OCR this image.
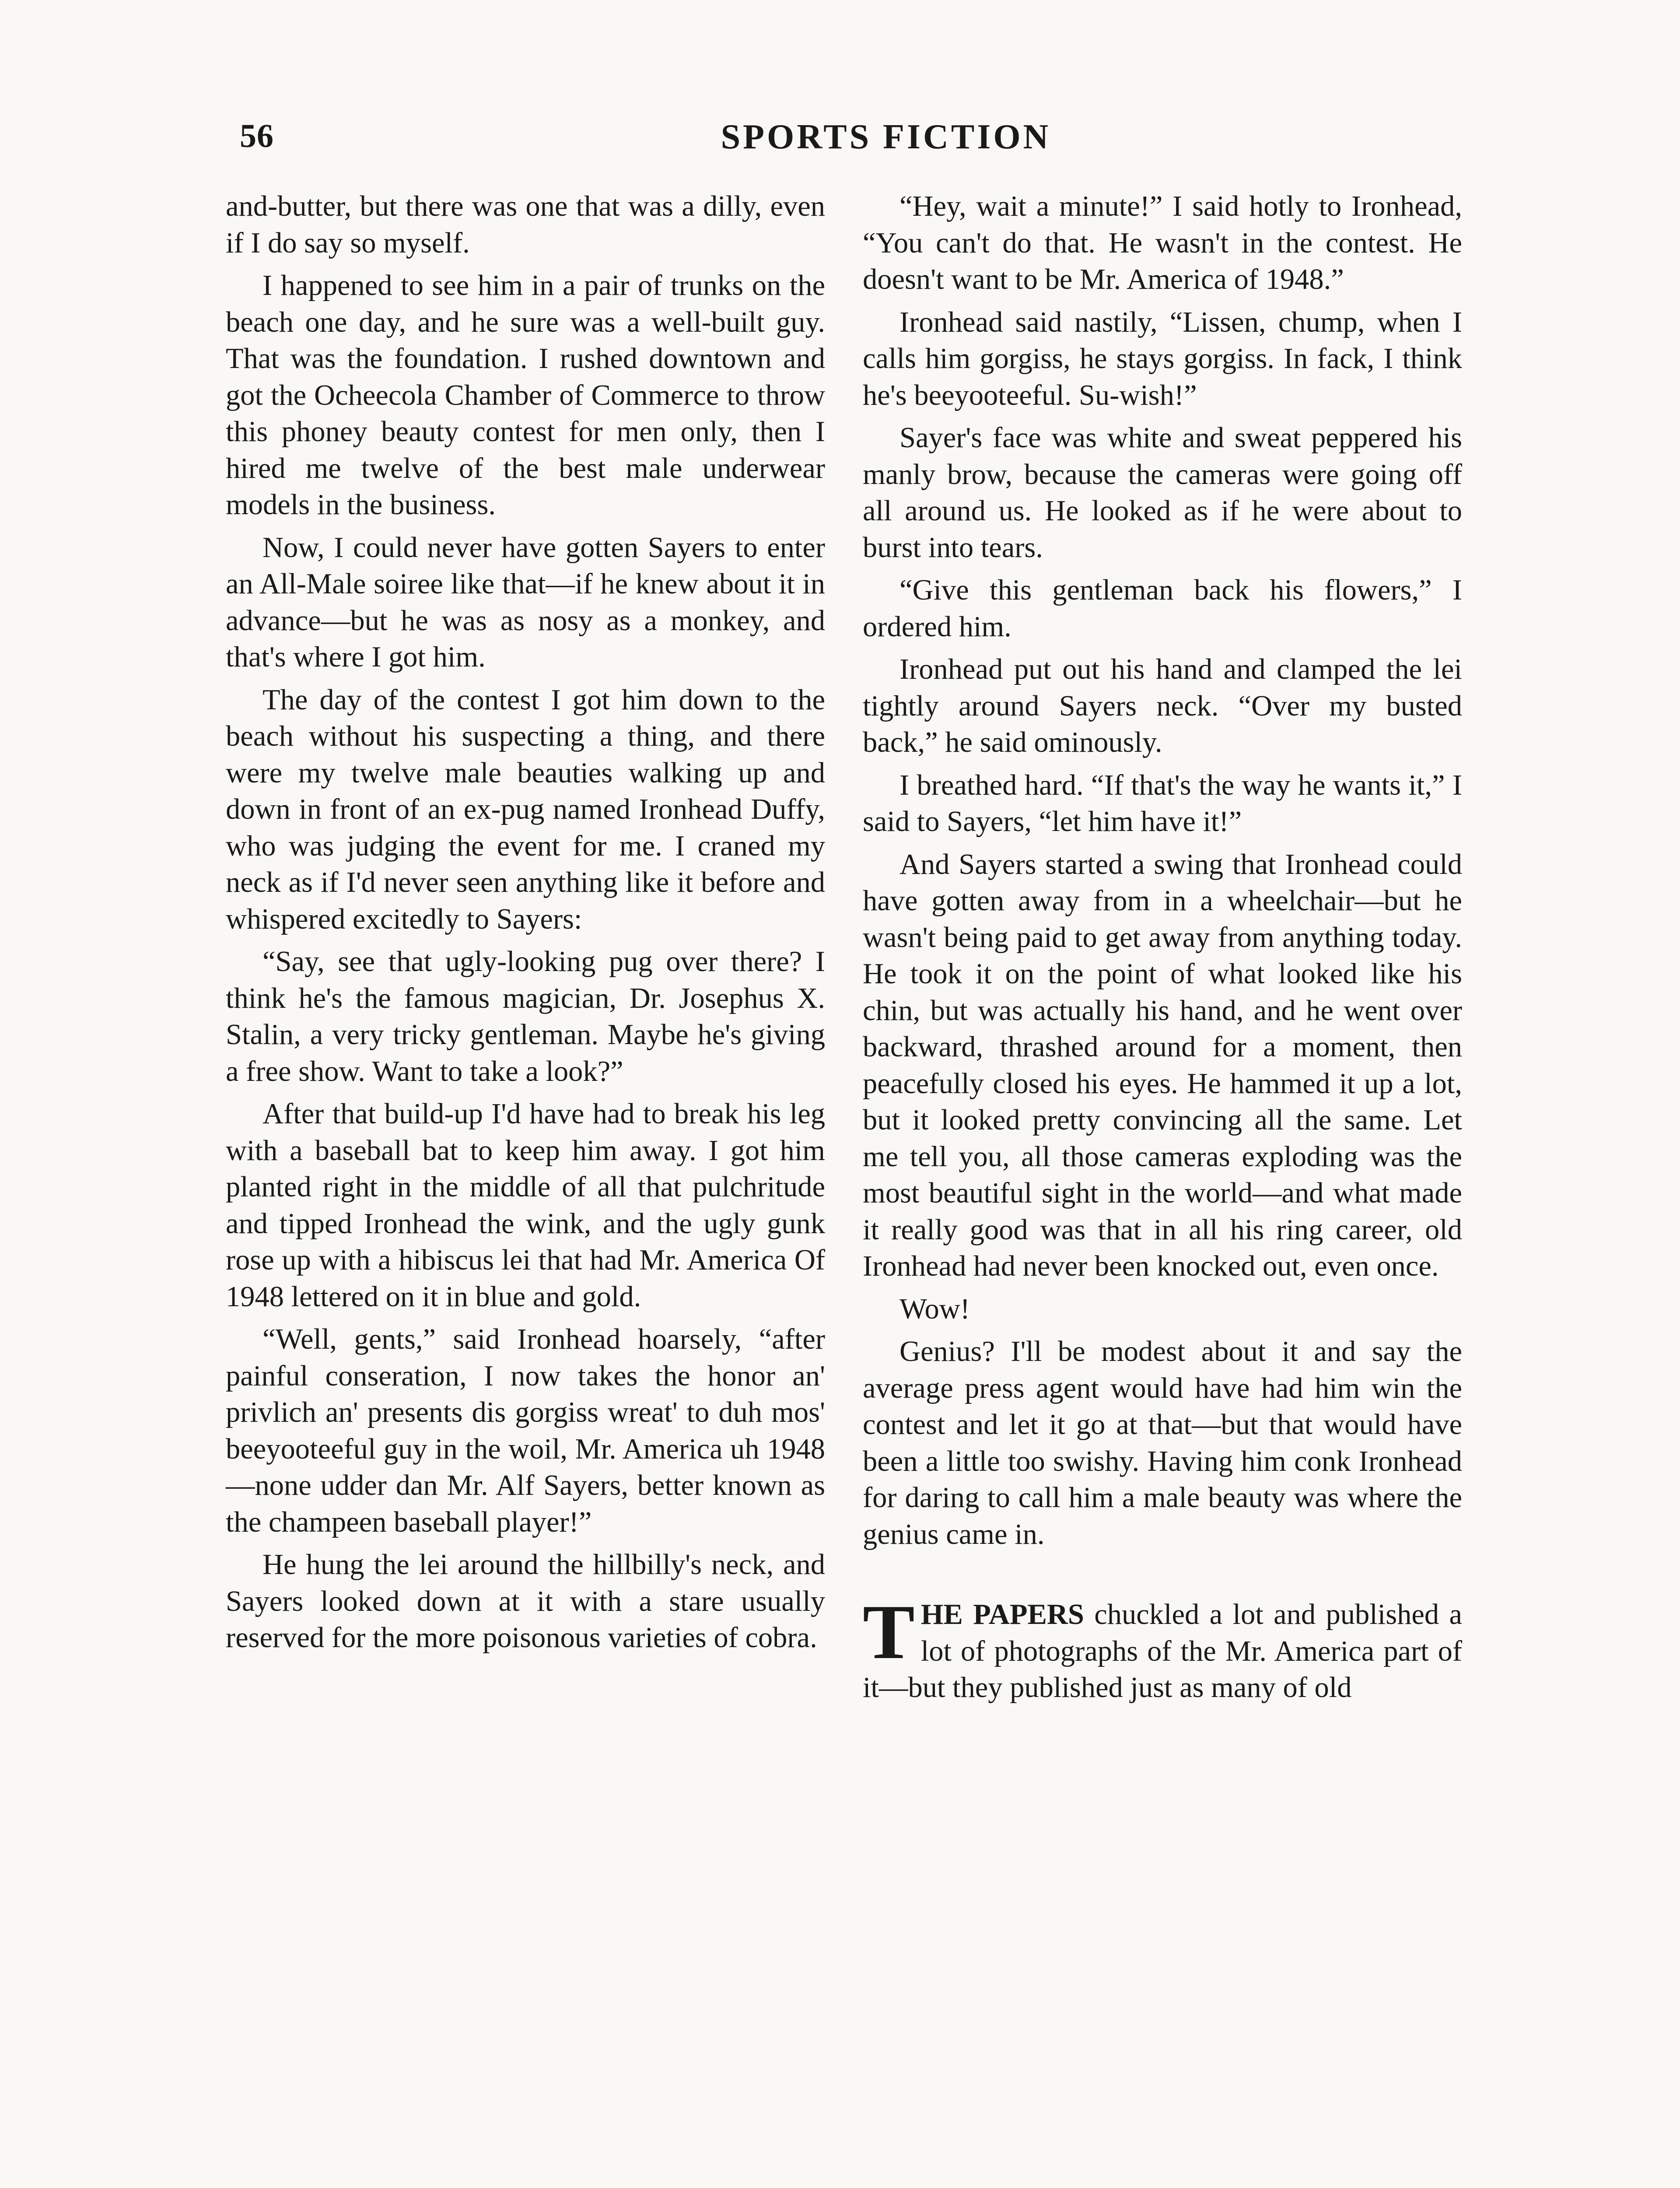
56	SPORTS FICTION

and-butter, but there was one that was a dilly, even if I do say so myself.

I happened to see him in a pair of trunks on the beach one day, and he sure was a well-built guy. That was the foundation. I rushed downtown and got the Ocheecola Chamber of Commerce to throw this phoney beauty contest for men only, then I hired me twelve of the best male underwear models in the business.

Now, I could never have gotten Sayers to enter an All-Male soiree like that—if he knew about it in advance—but he was as nosy as a monkey, and that's where I got him.

The day of the contest I got him down to the beach without his suspecting a thing, and there were my twelve male beauties walking up and down in front of an ex-pug named Ironhead Duffy, who was judging the event for me. I craned my neck as if I'd never seen anything like it before and whispered excitedly to Sayers:

“Say, see that ugly-looking pug over there? I think he's the famous magician, Dr. Josephus X. Stalin, a very tricky gentleman. Maybe he's giving a free show. Want to take a look?”

After that build-up I'd have had to break his leg with a baseball bat to keep him away. I got him planted right in the middle of all that pulchritude and tipped Ironhead the wink, and the ugly gunk rose up with a hibiscus lei that had Mr. America Of 1948 lettered on it in blue and gold.

“Well, gents,” said Ironhead hoarsely, “after painful conseration, I now takes the honor an' privlich an' presents dis gorgiss wreat' to duh mos' beeyooteeful guy in the woil, Mr. America uh 1948—none udder dan Mr. Alf Sayers, better known as the champeen baseball player!”

He hung the lei around the hillbilly's neck, and Sayers looked down at it with a stare usually reserved for the more poisonous varieties of cobra.

“Hey, wait a minute!” I said hotly to Ironhead, “You can't do that. He wasn't in the contest. He doesn't want to be Mr. America of 1948.”

Ironhead said nastily, “Lissen, chump, when I calls him gorgiss, he stays gorgiss. In fack, I think he's beeyooteeful. Su-wish!”

Sayer's face was white and sweat peppered his manly brow, because the cameras were going off all around us. He looked as if he were about to burst into tears.

“Give this gentleman back his flowers,” I ordered him.

Ironhead put out his hand and clamped the lei tightly around Sayers neck. “Over my busted back,” he said ominously.

I breathed hard. “If that's the way he wants it,” I said to Sayers, “let him have it!”

And Sayers started a swing that Ironhead could have gotten away from in a wheelchair—but he wasn't being paid to get away from anything today. He took it on the point of what looked like his chin, but was actually his hand, and he went over backward, thrashed around for a moment, then peacefully closed his eyes. He hammed it up a lot, but it looked pretty convincing all the same. Let me tell you, all those cameras exploding was the most beautiful sight in the world—and what made it really good was that in all his ring career, old Ironhead had never been knocked out, even once.

Wow!

Genius? I'll be modest about it and say the average press agent would have had him win the contest and let it go at that—but that would have been a little too swishy. Having him conk Ironhead for daring to call him a male beauty was where the genius came in.

THE PAPERS chuckled a lot and published a lot of photographs of the Mr. America part of it—but they published just as many of old
